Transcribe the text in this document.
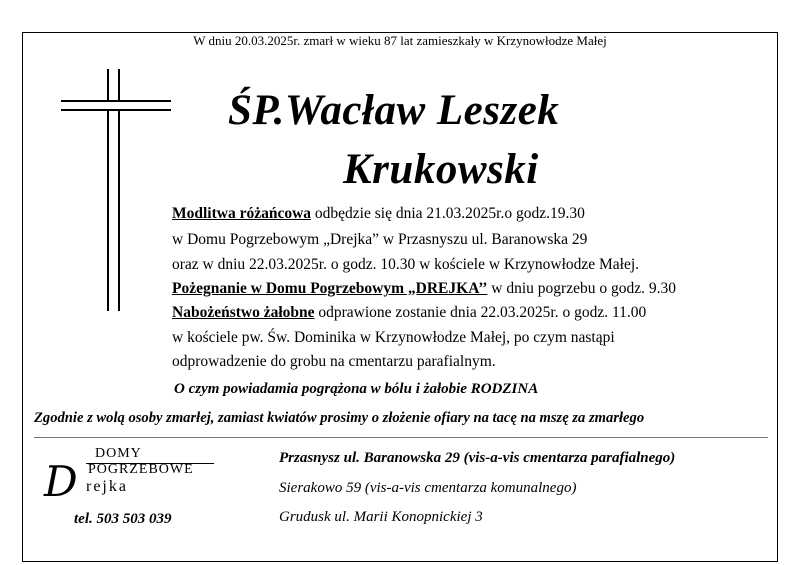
W dniu 20.03.2025r. zmarł w wieku 87 lat zamieszkały w Krzynowłodze Małej
ŚP.Wacław Leszek
Krukowski
Modlitwa różańcowa odbędzie się dnia 21.03.2025r.o godz.19.30
w Domu Pogrzebowym „Drejka” w Przasnyszu ul. Baranowska 29
oraz w dniu 22.03.2025r. o godz. 10.30 w kościele w Krzynowłodze Małej.
Pożegnanie w Domu Pogrzebowym „DREJKA’’ w dniu pogrzebu o godz. 9.30
Nabożeństwo żałobne odprawione zostanie dnia 22.03.2025r. o godz. 11.00
w kościele pw. Św. Dominika w Krzynowłodze Małej, po czym nastąpi
odprowadzenie do grobu na cmentarzu parafialnym.
O czym powiadamia pogrążona w bólu i żałobie RODZINA
Zgodnie z wolą osoby zmarłej, zamiast kwiatów prosimy o złożenie ofiary na tacę na mszę za zmarłego
DOMY
POGRZEBOWE
D rejka
tel. 503 503 039
Przasnysz ul. Baranowska 29 (vis-a-vis cmentarza parafialnego)
Sierakowo 59 (vis-a-vis cmentarza komunalnego)
Grudusk ul. Marii Konopnickiej 3
